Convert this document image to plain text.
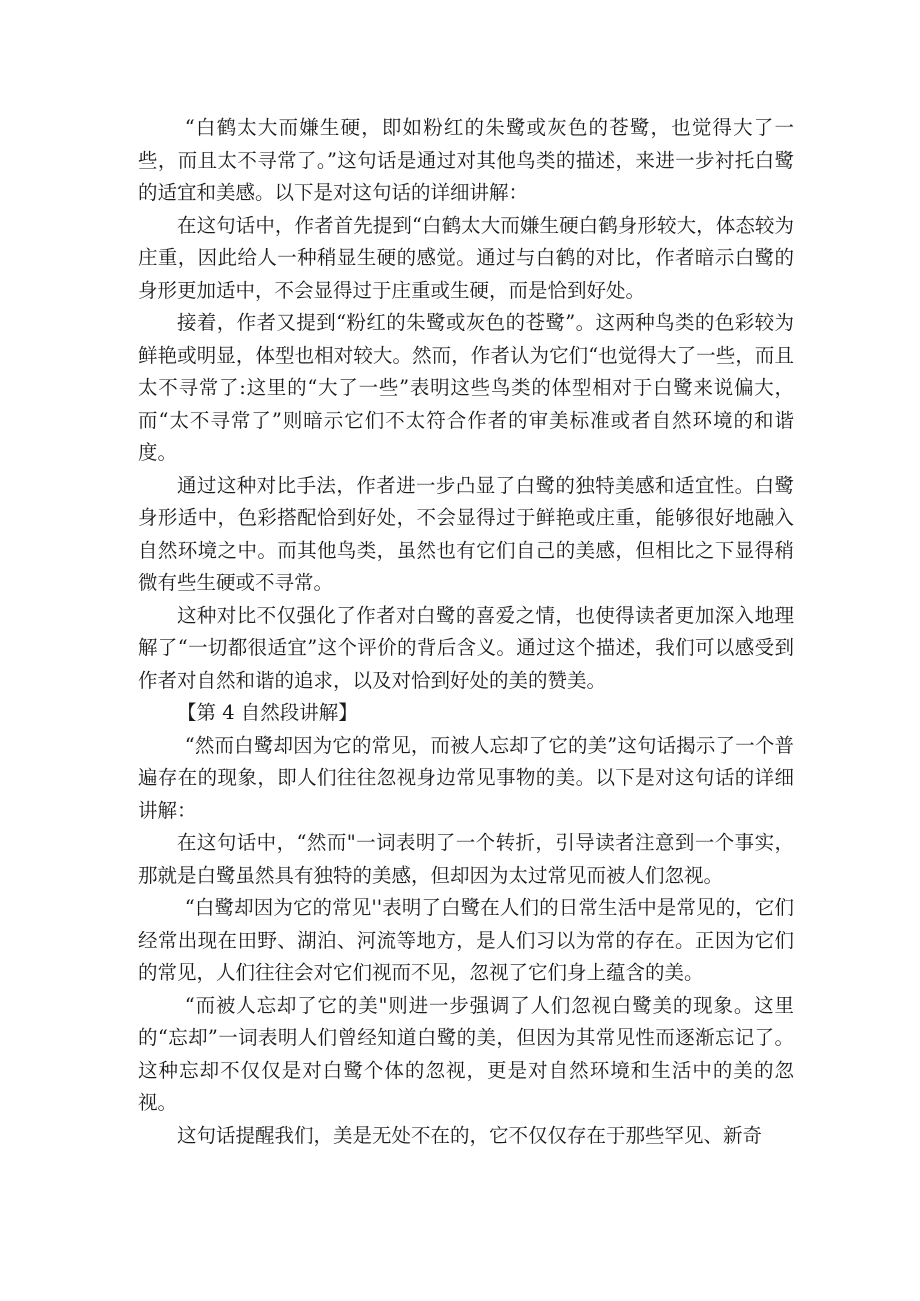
“白鹤太大而嫌生硬，即如粉红的朱鹭或灰色的苍鹭，也觉得大了一些，而且太不寻常了。”这句话是通过对其他鸟类的描述，来进一步衬托白鹭的适宜和美感。以下是对这句话的详细讲解：

在这句话中，作者首先提到“白鹤太大而嫌生硬白鹤身形较大，体态较为庄重，因此给人一种稍显生硬的感觉。通过与白鹤的对比，作者暗示白鹭的身形更加适中，不会显得过于庄重或生硬，而是恰到好处。

接着，作者又提到“粉红的朱鹭或灰色的苍鹭”。这两种鸟类的色彩较为鲜艳或明显，体型也相对较大。然而，作者认为它们“也觉得大了一些，而且太不寻常了:这里的“大了一些”表明这些鸟类的体型相对于白鹭来说偏大，而“太不寻常了”则暗示它们不太符合作者的审美标准或者自然环境的和谐度。

通过这种对比手法，作者进一步凸显了白鹭的独特美感和适宜性。白鹭身形适中，色彩搭配恰到好处，不会显得过于鲜艳或庄重，能够很好地融入自然环境之中。而其他鸟类，虽然也有它们自己的美感，但相比之下显得稍微有些生硬或不寻常。

这种对比不仅强化了作者对白鹭的喜爱之情，也使得读者更加深入地理解了“一切都很适宜”这个评价的背后含义。通过这个描述，我们可以感受到作者对自然和谐的追求，以及对恰到好处的美的赞美。

【第 4 自然段讲解】

“然而白鹭却因为它的常见，而被人忘却了它的美”这句话揭示了一个普遍存在的现象，即人们往往忽视身边常见事物的美。以下是对这句话的详细讲解：

在这句话中，“然而"一词表明了一个转折，引导读者注意到一个事实，那就是白鹭虽然具有独特的美感，但却因为太过常见而被人们忽视。

“白鹭却因为它的常见''表明了白鹭在人们的日常生活中是常见的，它们经常出现在田野、湖泊、河流等地方，是人们习以为常的存在。正因为它们的常见，人们往往会对它们视而不见，忽视了它们身上蕴含的美。

“而被人忘却了它的美"则进一步强调了人们忽视白鹭美的现象。这里的“忘却”一词表明人们曾经知道白鹭的美，但因为其常见性而逐渐忘记了。这种忘却不仅仅是对白鹭个体的忽视，更是对自然环境和生活中的美的忽视。

这句话提醒我们，美是无处不在的，它不仅仅存在于那些罕见、新奇
